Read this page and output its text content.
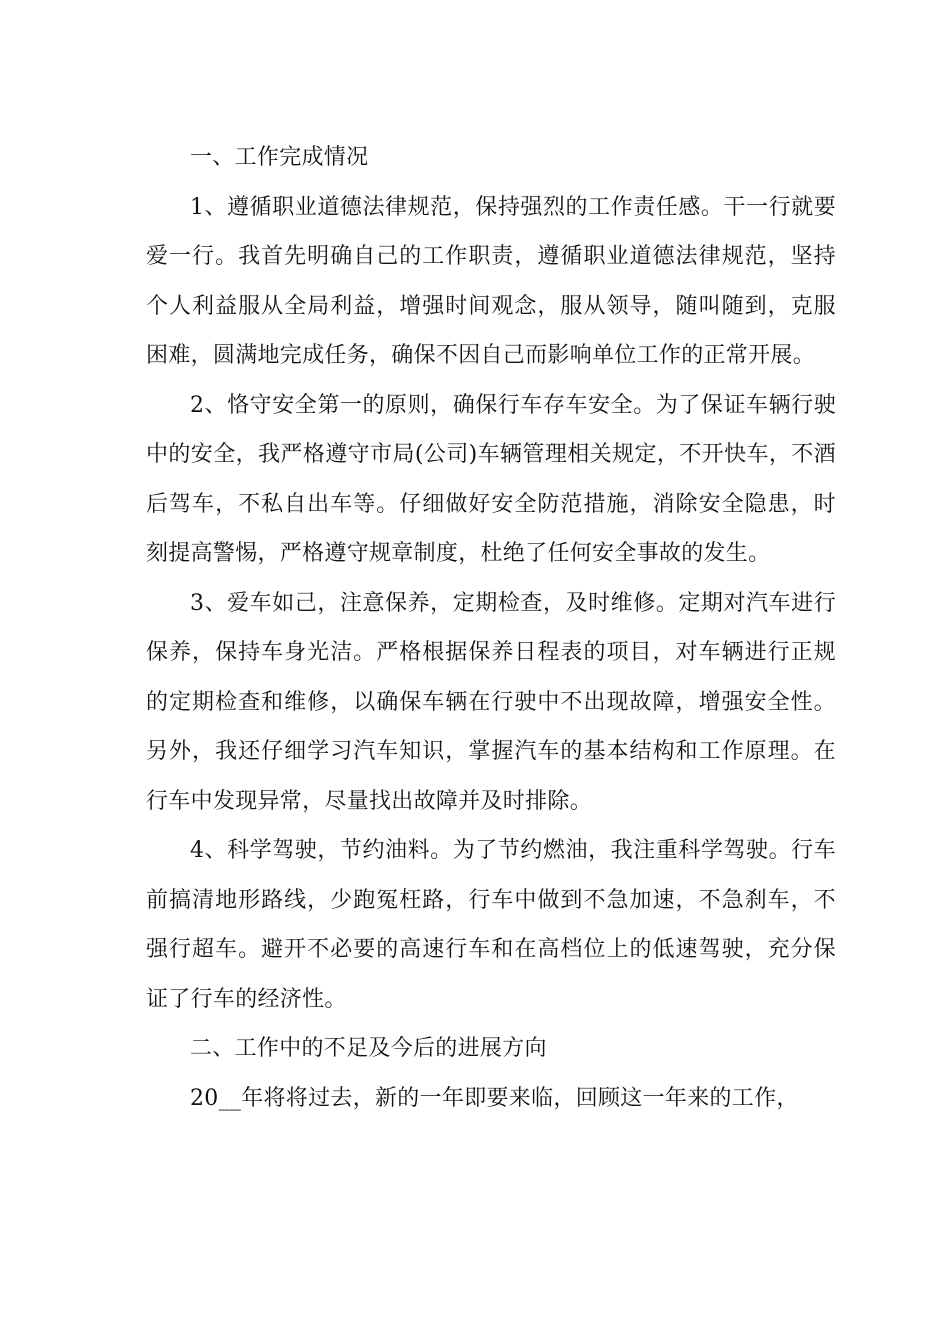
一、工作完成情况

1、遵循职业道德法律规范，保持强烈的工作责任感。干一行就要爱一行。我首先明确自己的工作职责，遵循职业道德法律规范，坚持个人利益服从全局利益，增强时间观念，服从领导，随叫随到，克服困难，圆满地完成任务，确保不因自己而影响单位工作的正常开展。

2、恪守安全第一的原则，确保行车存车安全。为了保证车辆行驶中的安全，我严格遵守市局(公司)车辆管理相关规定，不开快车，不酒后驾车，不私自出车等。仔细做好安全防范措施，消除安全隐患，时刻提高警惕，严格遵守规章制度，杜绝了任何安全事故的发生。

3、爱车如己，注意保养，定期检查，及时维修。定期对汽车进行保养，保持车身光洁。严格根据保养日程表的项目，对车辆进行正规的定期检查和维修，以确保车辆在行驶中不出现故障，增强安全性。另外，我还仔细学习汽车知识，掌握汽车的基本结构和工作原理。在行车中发现异常，尽量找出故障并及时排除。

4、科学驾驶，节约油料。为了节约燃油，我注重科学驾驶。行车前搞清地形路线，少跑冤枉路，行车中做到不急加速，不急刹车，不强行超车。避开不必要的高速行车和在高档位上的低速驾驶，充分保证了行车的经济性。

二、工作中的不足及今后的进展方向

20__年将将过去，新的一年即要来临，回顾这一年来的工作，
